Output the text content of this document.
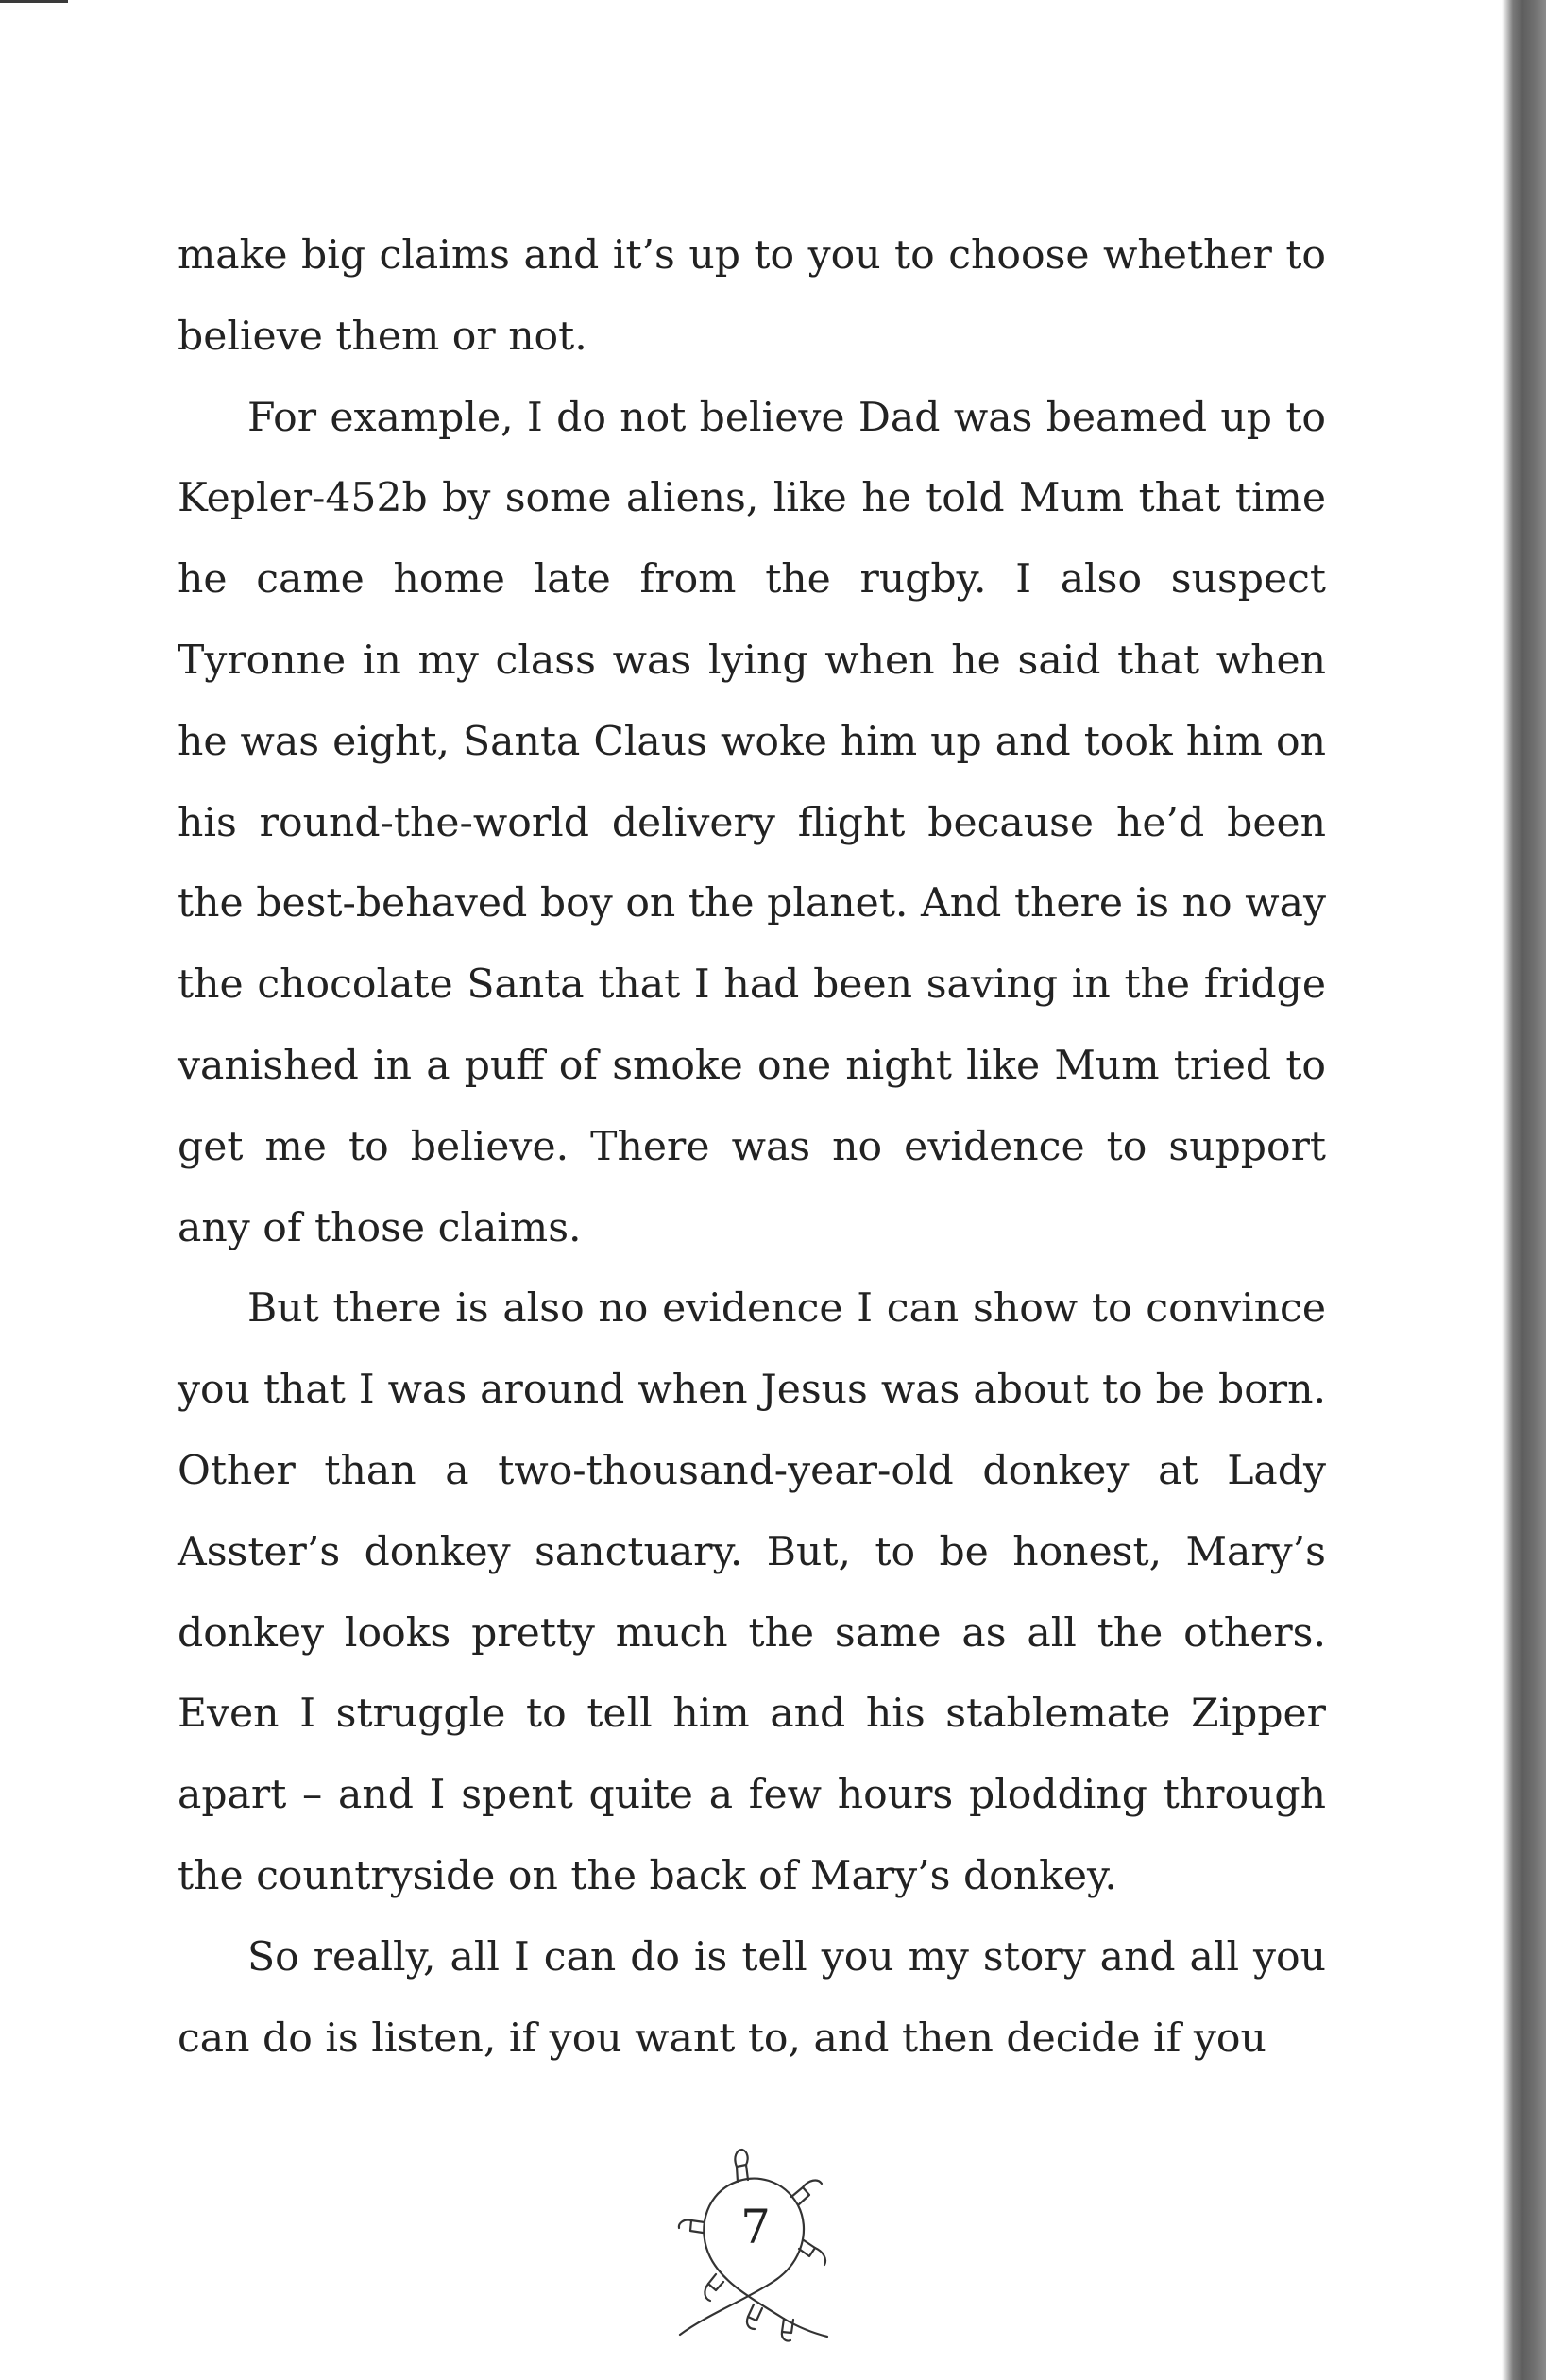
make big claims and it’s up to you to choose whether to believe them or not.

For example, I do not believe Dad was beamed up to Kepler-452b by some aliens, like he told Mum that time he came home late from the rugby. I also suspect Tyronne in my class was lying when he said that when he was eight, Santa Claus woke him up and took him on his round-the-world delivery flight because he’d been the best-behaved boy on the planet. And there is no way the chocolate Santa that I had been saving in the fridge vanished in a puff of smoke one night like Mum tried to get me to believe. There was no evidence to support any of those claims.

But there is also no evidence I can show to convince you that I was around when Jesus was about to be born. Other than a two-thousand-year-old donkey at Lady Asster’s donkey sanctuary. But, to be honest, Mary’s donkey looks pretty much the same as all the others. Even I struggle to tell him and his stablemate Zipper apart – and I spent quite a few hours plodding through the countryside on the back of Mary’s donkey.

So really, all I can do is tell you my story and all you can do is listen, if you want to, and then decide if you

7
